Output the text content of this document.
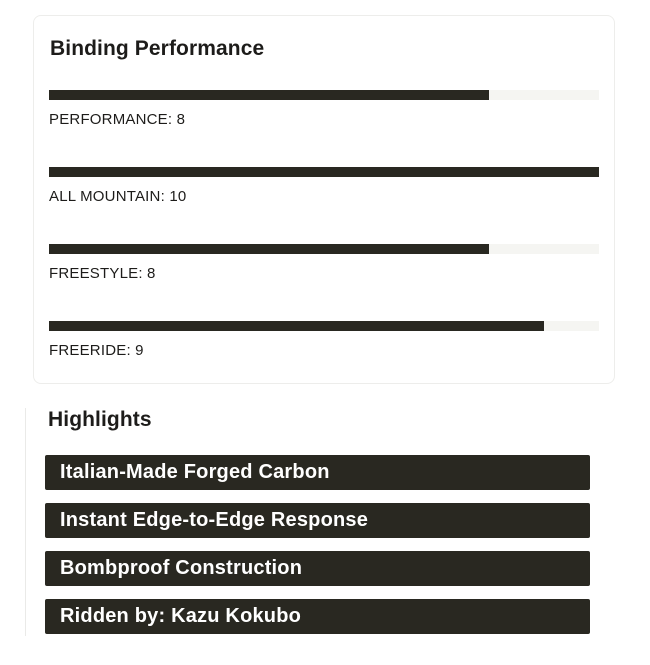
Binding Performance
PERFORMANCE: 8
ALL MOUNTAIN: 10
FREESTYLE: 8
FREERIDE: 9
Highlights
Italian-Made Forged Carbon
Instant Edge-to-Edge Response
Bombproof Construction
Ridden by: Kazu Kokubo
